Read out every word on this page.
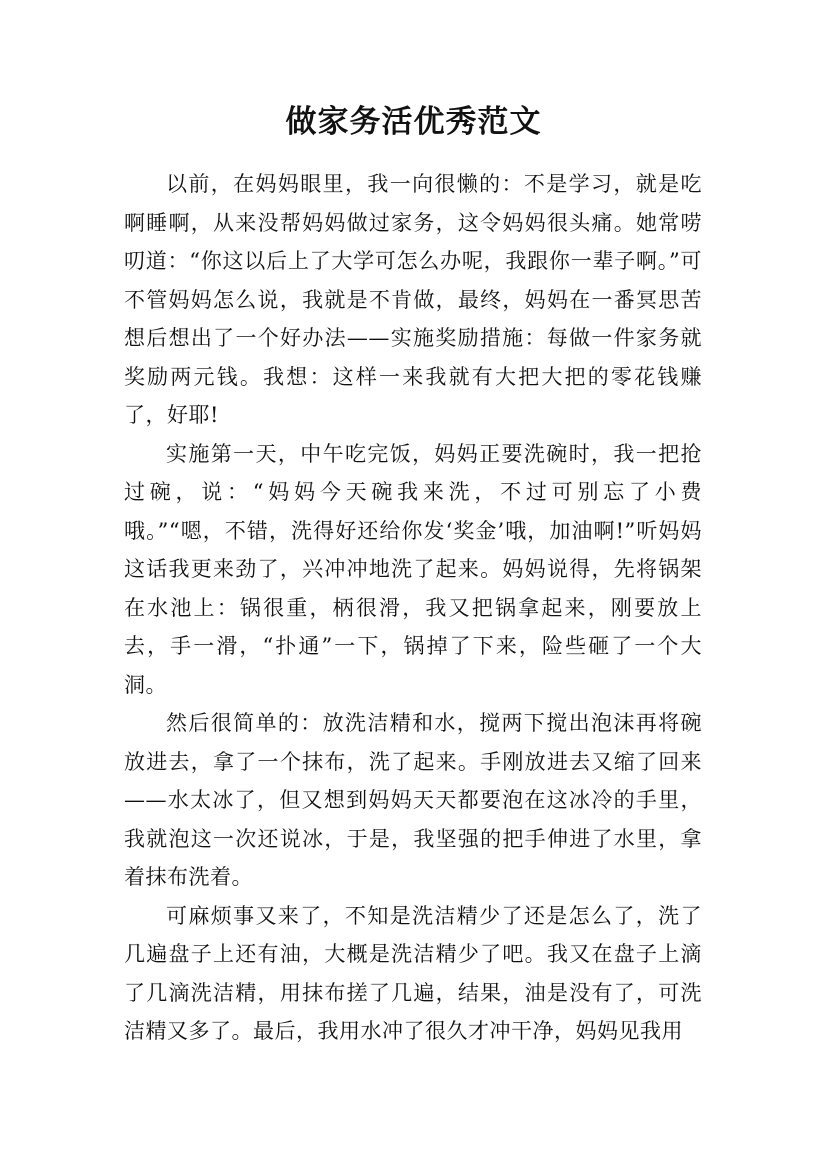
做家务活优秀范文

以前，在妈妈眼里，我一向很懒的：不是学习，就是吃啊睡啊，从来没帮妈妈做过家务，这令妈妈很头痛。她常唠叨道：“你这以后上了大学可怎么办呢，我跟你一辈子啊。”可不管妈妈怎么说，我就是不肯做，最终，妈妈在一番冥思苦想后想出了一个好办法——实施奖励措施：每做一件家务就奖励两元钱。我想：这样一来我就有大把大把的零花钱赚了，好耶!

实施第一天，中午吃完饭，妈妈正要洗碗时，我一把抢过碗，说：“妈妈今天碗我来洗，不过可别忘了小费哦。”“嗯，不错，洗得好还给你发‘奖金’哦，加油啊!”听妈妈这话我更来劲了，兴冲冲地洗了起来。妈妈说得，先将锅架在水池上：锅很重，柄很滑，我又把锅拿起来，刚要放上去，手一滑，“扑通”一下，锅掉了下来，险些砸了一个大洞。

然后很简单的：放洗洁精和水，搅两下搅出泡沫再将碗放进去，拿了一个抹布，洗了起来。手刚放进去又缩了回来——水太冰了，但又想到妈妈天天都要泡在这冰冷的手里，我就泡这一次还说冰，于是，我坚强的把手伸进了水里，拿着抹布洗着。

可麻烦事又来了，不知是洗洁精少了还是怎么了，洗了几遍盘子上还有油，大概是洗洁精少了吧。我又在盘子上滴了几滴洗洁精，用抹布搓了几遍，结果，油是没有了，可洗洁精又多了。最后，我用水冲了很久才冲干净，妈妈见我用
